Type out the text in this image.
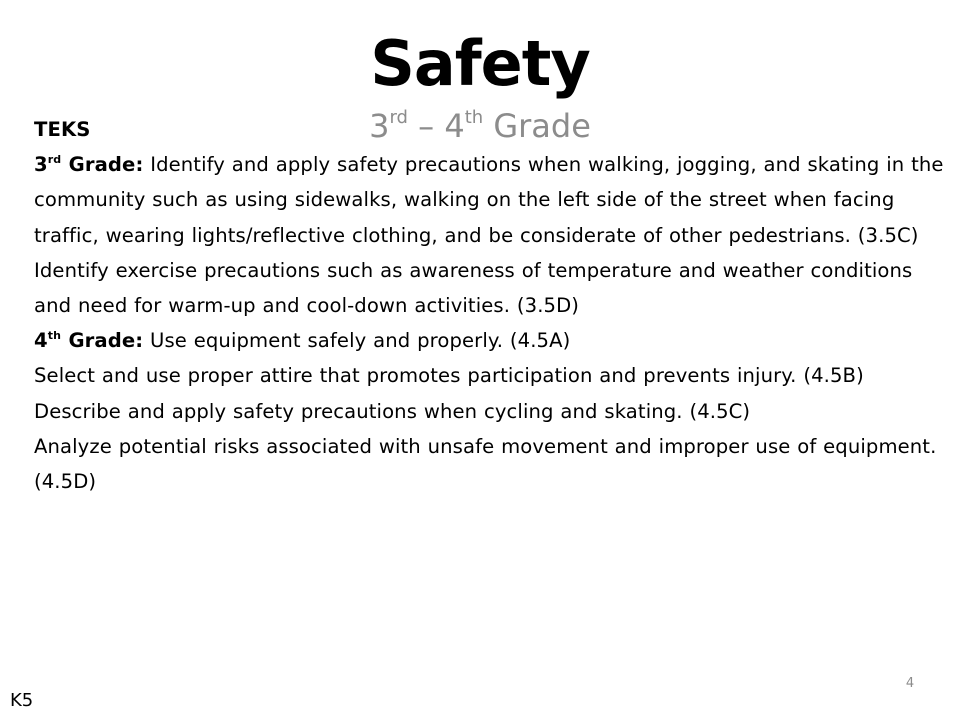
Safety
3rd – 4th Grade

TEKS

3rd Grade: Identify and apply safety precautions when walking, jogging, and skating in the community such as using sidewalks, walking on the left side of the street when facing traffic, wearing lights/reflective clothing, and be considerate of other pedestrians. (3.5C)

Identify exercise precautions such as awareness of temperature and weather conditions and need for warm-up and cool-down activities. (3.5D)

4th Grade: Use equipment safely and properly. (4.5A)

Select and use proper attire that promotes participation and prevents injury. (4.5B)

Describe and apply safety precautions when cycling and skating. (4.5C)

Analyze potential risks associated with unsafe movement and improper use of equipment. (4.5D)

4
K5
